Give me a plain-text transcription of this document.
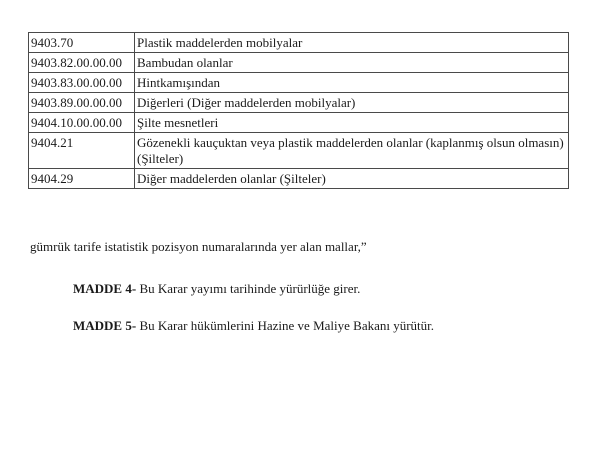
9403.70	Plastik maddelerden mobilyalar
9403.82.00.00.00	Bambudan olanlar
9403.83.00.00.00	Hintkamışından
9403.89.00.00.00	Diğerleri (Diğer maddelerden mobilyalar)
9404.10.00.00.00	Şilte mesnetleri
9404.21	Gözenekli kauçuktan veya plastik maddelerden olanlar (kaplanmış olsun olmasın) (Şilteler)
9404.29	Diğer maddelerden olanlar (Şilteler)
gümrük tarife istatistik pozisyon numaralarında yer alan mallar,”
MADDE 4- Bu Karar yayımı tarihinde yürürlüğe girer.
MADDE 5- Bu Karar hükümlerini Hazine ve Maliye Bakanı yürütür.
